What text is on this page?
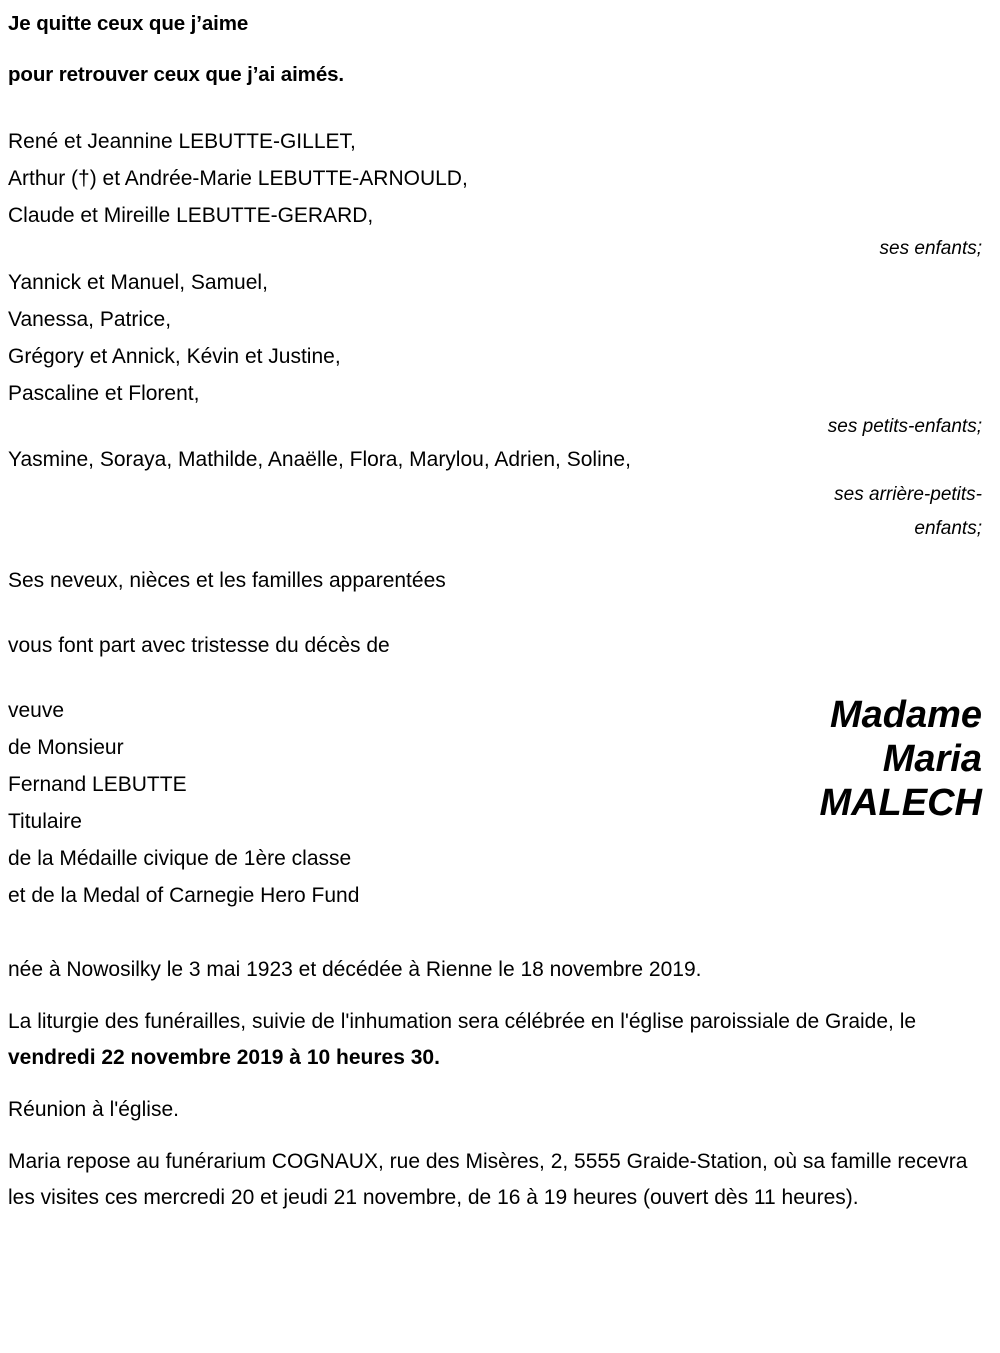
Je quitte ceux que j’aime
pour retrouver ceux que j’ai aimés.
René et Jeannine LEBUTTE-GILLET,
Arthur (†) et Andrée-Marie LEBUTTE-ARNOULD,
Claude et Mireille LEBUTTE-GERARD,
ses enfants;
Yannick et Manuel, Samuel,
Vanessa, Patrice,
Grégory et Annick, Kévin et Justine,
Pascaline et Florent,
ses petits-enfants;
Yasmine, Soraya, Mathilde, Anaëlle, Flora, Marylou, Adrien, Soline,
ses arrière-petits-
enfants;
Ses neveux, nièces et les familles apparentées
vous font part avec tristesse du décès de
veuve
de Monsieur
Fernand LEBUTTE
Titulaire
de la Médaille civique de 1ère classe
et de la Medal of Carnegie Hero Fund
Madame
Maria
MALECH
née à Nowosilky le 3 mai 1923 et décédée à Rienne le 18 novembre 2019.
La liturgie des funérailles, suivie de l'inhumation sera célébrée en l'église paroissiale de Graide, le vendredi 22 novembre 2019 à 10 heures 30.
Réunion à l'église.
Maria repose au funérarium COGNAUX, rue des Misères, 2, 5555 Graide-Station, où sa famille recevra les visites ces mercredi 20 et jeudi 21 novembre, de 16 à 19 heures (ouvert dès 11 heures).
